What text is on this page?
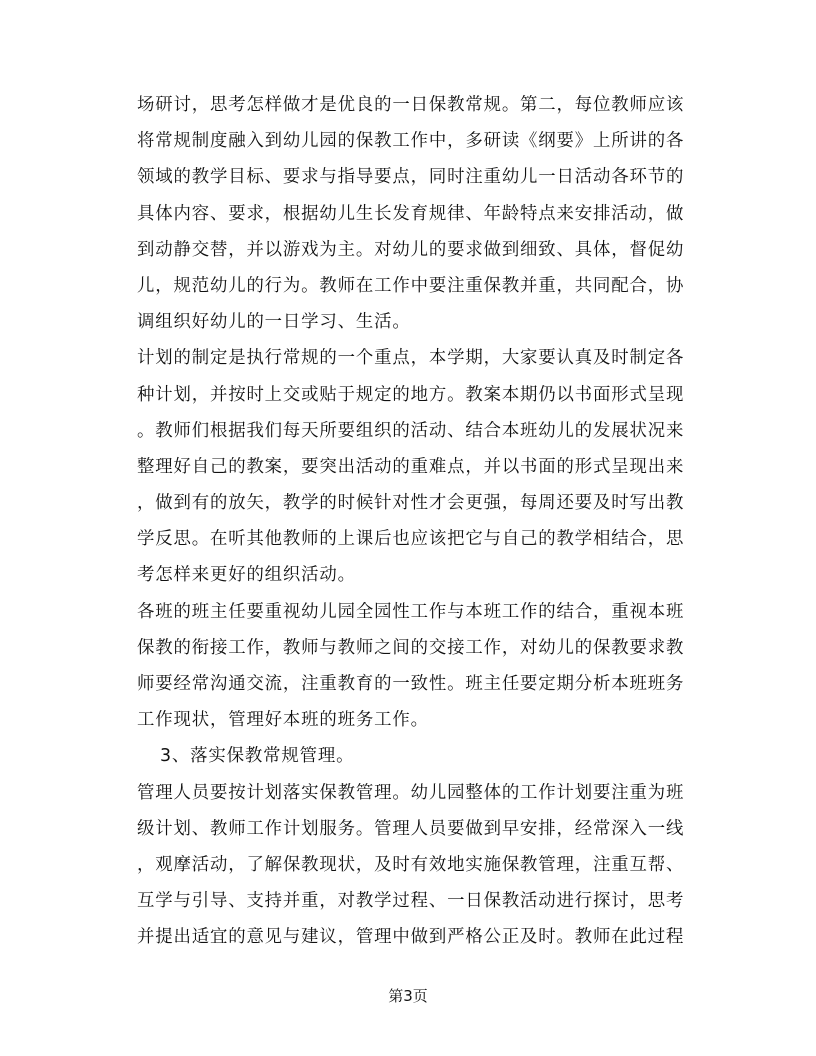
场研讨，思考怎样做才是优良的一日保教常规。第二，每位教师应该
将常规制度融入到幼儿园的保教工作中，多研读《纲要》上所讲的各
领域的教学目标、要求与指导要点，同时注重幼儿一日活动各环节的
具体内容、要求，根据幼儿生长发育规律、年龄特点来安排活动，做
到动静交替，并以游戏为主。对幼儿的要求做到细致、具体，督促幼
儿，规范幼儿的行为。教师在工作中要注重保教并重，共同配合，协
调组织好幼儿的一日学习、生活。
计划的制定是执行常规的一个重点，本学期，大家要认真及时制定各
种计划，并按时上交或贴于规定的地方。教案本期仍以书面形式呈现
。教师们根据我们每天所要组织的活动、结合本班幼儿的发展状况来
整理好自己的教案，要突出活动的重难点，并以书面的形式呈现出来
，做到有的放矢，教学的时候针对性才会更强，每周还要及时写出教
学反思。在听其他教师的上课后也应该把它与自己的教学相结合，思
考怎样来更好的组织活动。
各班的班主任要重视幼儿园全园性工作与本班工作的结合，重视本班
保教的衔接工作，教师与教师之间的交接工作，对幼儿的保教要求教
师要经常沟通交流，注重教育的一致性。班主任要定期分析本班班务
工作现状，管理好本班的班务工作。
3、落实保教常规管理。
管理人员要按计划落实保教管理。幼儿园整体的工作计划要注重为班
级计划、教师工作计划服务。管理人员要做到早安排，经常深入一线
，观摩活动，了解保教现状，及时有效地实施保教管理，注重互帮、
互学与引导、支持并重，对教学过程、一日保教活动进行探讨，思考
并提出适宜的意见与建议，管理中做到严格公正及时。教师在此过程
第3页
